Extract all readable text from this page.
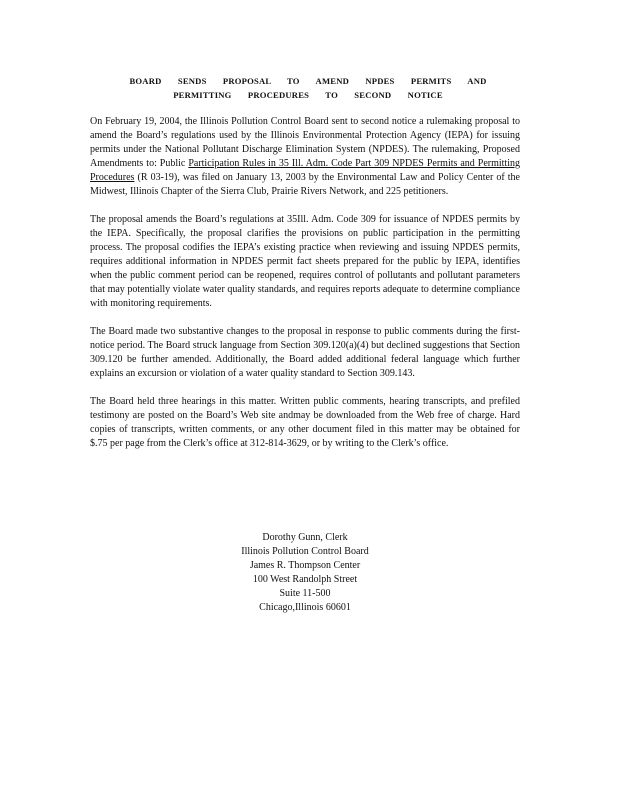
BOARD SENDS PROPOSAL TO AMEND NPDES PERMITS AND
PERMITTING PROCEDURES TO SECOND NOTICE

On February 19, 2004, the Illinois Pollution Control Board sent to second notice a rulemaking proposal to amend the Board’s regulations used by the Illinois Environmental Protection Agency (IEPA) for issuing permits under the National Pollutant Discharge Elimination System (NPDES). The rulemaking, Proposed Amendments to: Public Participation Rules in 35 Ill. Adm. Code Part 309 NPDES Permits and Permitting Procedures (R 03-19), was filed on January 13, 2003 by the Environmental Law and Policy Center of the Midwest, Illinois Chapter of the Sierra Club, Prairie Rivers Network, and 225 petitioners.

The proposal amends the Board’s regulations at 35Ill. Adm. Code 309 for issuance of NPDES permits by the IEPA. Specifically, the proposal clarifies the provisions on public participation in the permitting process. The proposal codifies the IEPA’s existing practice when reviewing and issuing NPDES permits, requires additional information in NPDES permit fact sheets prepared for the public by IEPA, identifies when the public comment period can be reopened, requires control of pollutants and pollutant parameters that may potentially violate water quality standards, and requires reports adequate to determine compliance with monitoring requirements.

The Board made two substantive changes to the proposal in response to public comments during the first-notice period. The Board struck language from Section 309.120(a)(4) but declined suggestions that Section 309.120 be further amended. Additionally, the Board added additional federal language which further explains an excursion or violation of a water quality standard to Section 309.143.

The Board held three hearings in this matter. Written public comments, hearing transcripts, and prefiled testimony are posted on the Board’s Web site andmay be downloaded from the Web free of charge. Hard copies of transcripts, written comments, or any other document filed in this matter may be obtained for $.75 per page from the Clerk’s office at 312-814-3629, or by writing to the Clerk’s office.

Dorothy Gunn, Clerk
Illinois Pollution Control Board
James R. Thompson Center
100 West Randolph Street
Suite 11-500
Chicago,Illinois 60601
